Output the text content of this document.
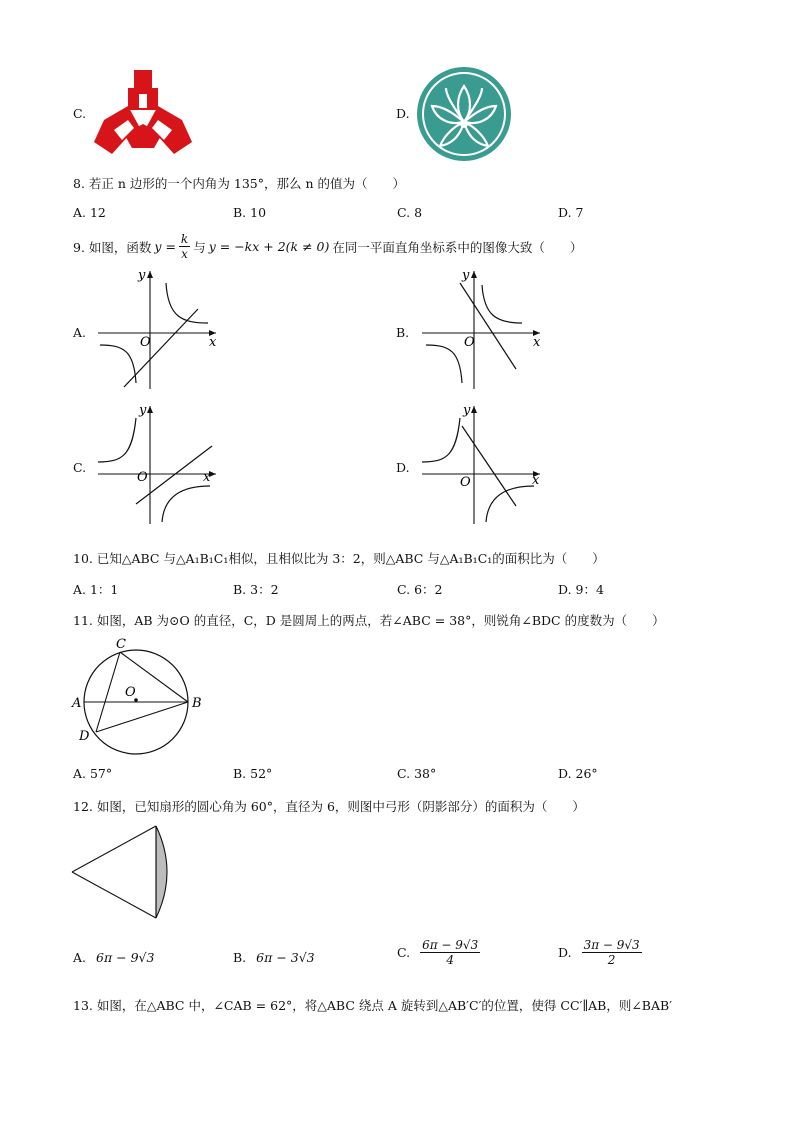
C.	D.
8. 若正 n 边形的一个内角为 135°，那么 n 的值为（　　）
A. 12	B. 10	C. 8	D. 7
9. 如图，函数 $y = \frac{k}{x}$ 与 y = −kx + 2(k ≠ 0) 在同一平面直角坐标系中的图像大致（　　）
A.
O	x
y
B.
O	x
y
C.
O	x
y
D.
O	x
y
10. 已知△ABC 与△A₁B₁C₁相似，且相似比为 3：2，则△ABC 与△A₁B₁C₁的面积比为（　　）
A. 1：1	B. 3：2	C. 6：2	D. 9：4
11. 如图，AB 为⊙O 的直径，C，D 是圆周上的两点，若∠ABC = 38°，则锐角∠BDC 的度数为（　　）
A	B
C
D
O
A. 57°	B. 52°	C. 38°	D. 26°
12. 如图，已知扇形的圆心角为 60°，直径为 6，则图中弓形（阴影部分）的面积为（　　）
A. 6π − 9√3	B. 6π − 3√3	C. $\frac{6\pi - 9√3}{4}$	D. $\frac{3\pi - 9√3}{2}$
13. 如图，在△ABC 中，∠CAB = 62°，将△ABC 绕点 A 旋转到△AB′C′的位置，使得 CC′∥AB，则∠BAB′
